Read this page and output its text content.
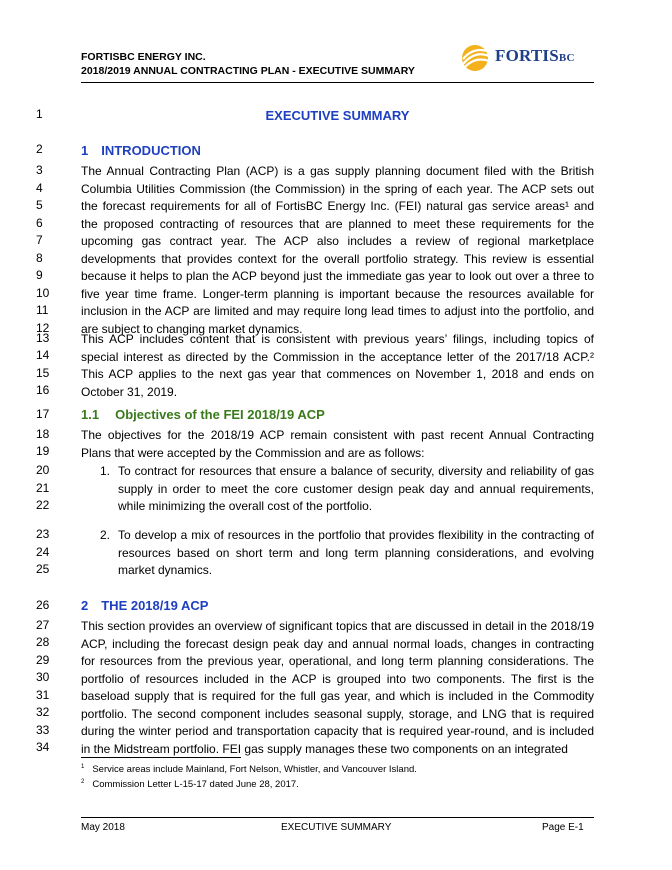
FORTISBC ENERGY INC.
2018/2019 ANNUAL CONTRACTING PLAN - EXECUTIVE SUMMARY
FORTISBC
1
2
3
4
5
6
7
8
9
10
11
12
13
14
15
16
17
18
19
20
21
22
23
24
25
26
27
28
29
30
31
32
33
34
EXECUTIVE SUMMARY
1 INTRODUCTION
The Annual Contracting Plan (ACP) is a gas supply planning document filed with the British
Columbia Utilities Commission (the Commission) in the spring of each year. The ACP sets out
the forecast requirements for all of FortisBC Energy Inc. (FEI) natural gas service areas¹ and
the proposed contracting of resources that are planned to meet these requirements for the
upcoming gas contract year. The ACP also includes a review of regional marketplace
developments that provides context for the overall portfolio strategy. This review is essential
because it helps to plan the ACP beyond just the immediate gas year to look out over a three to
five year time frame. Longer-term planning is important because the resources available for
inclusion in the ACP are limited and may require long lead times to adjust into the portfolio, and
are subject to changing market dynamics.
This ACP includes content that is consistent with previous years’ filings, including topics of
special interest as directed by the Commission in the acceptance letter of the 2017/18 ACP.²
This ACP applies to the next gas year that commences on November 1, 2018 and ends on
October 31, 2019.
1.1 Objectives of the FEI 2018/19 ACP
The objectives for the 2018/19 ACP remain consistent with past recent Annual Contracting
Plans that were accepted by the Commission and are as follows:
1. To contract for resources that ensure a balance of security, diversity and reliability of gas
supply in order to meet the core customer design peak day and annual requirements,
while minimizing the overall cost of the portfolio.
2. To develop a mix of resources in the portfolio that provides flexibility in the contracting of
resources based on short term and long term planning considerations, and evolving
market dynamics.
2 THE 2018/19 ACP
This section provides an overview of significant topics that are discussed in detail in the 2018/19
ACP, including the forecast design peak day and annual normal loads, changes in contracting
for resources from the previous year, operational, and long term planning considerations. The
portfolio of resources included in the ACP is grouped into two components. The first is the
baseload supply that is required for the full gas year, and which is included in the Commodity
portfolio. The second component includes seasonal supply, storage, and LNG that is required
during the winter period and transportation capacity that is required year-round, and is included
in the Midstream portfolio. FEI gas supply manages these two components on an integrated
$^1$ Service areas include Mainland, Fort Nelson, Whistler, and Vancouver Island.
$^2$ Commission Letter L-15-17 dated June 28, 2017.
May 2018	EXECUTIVE SUMMARY	Page E-1
